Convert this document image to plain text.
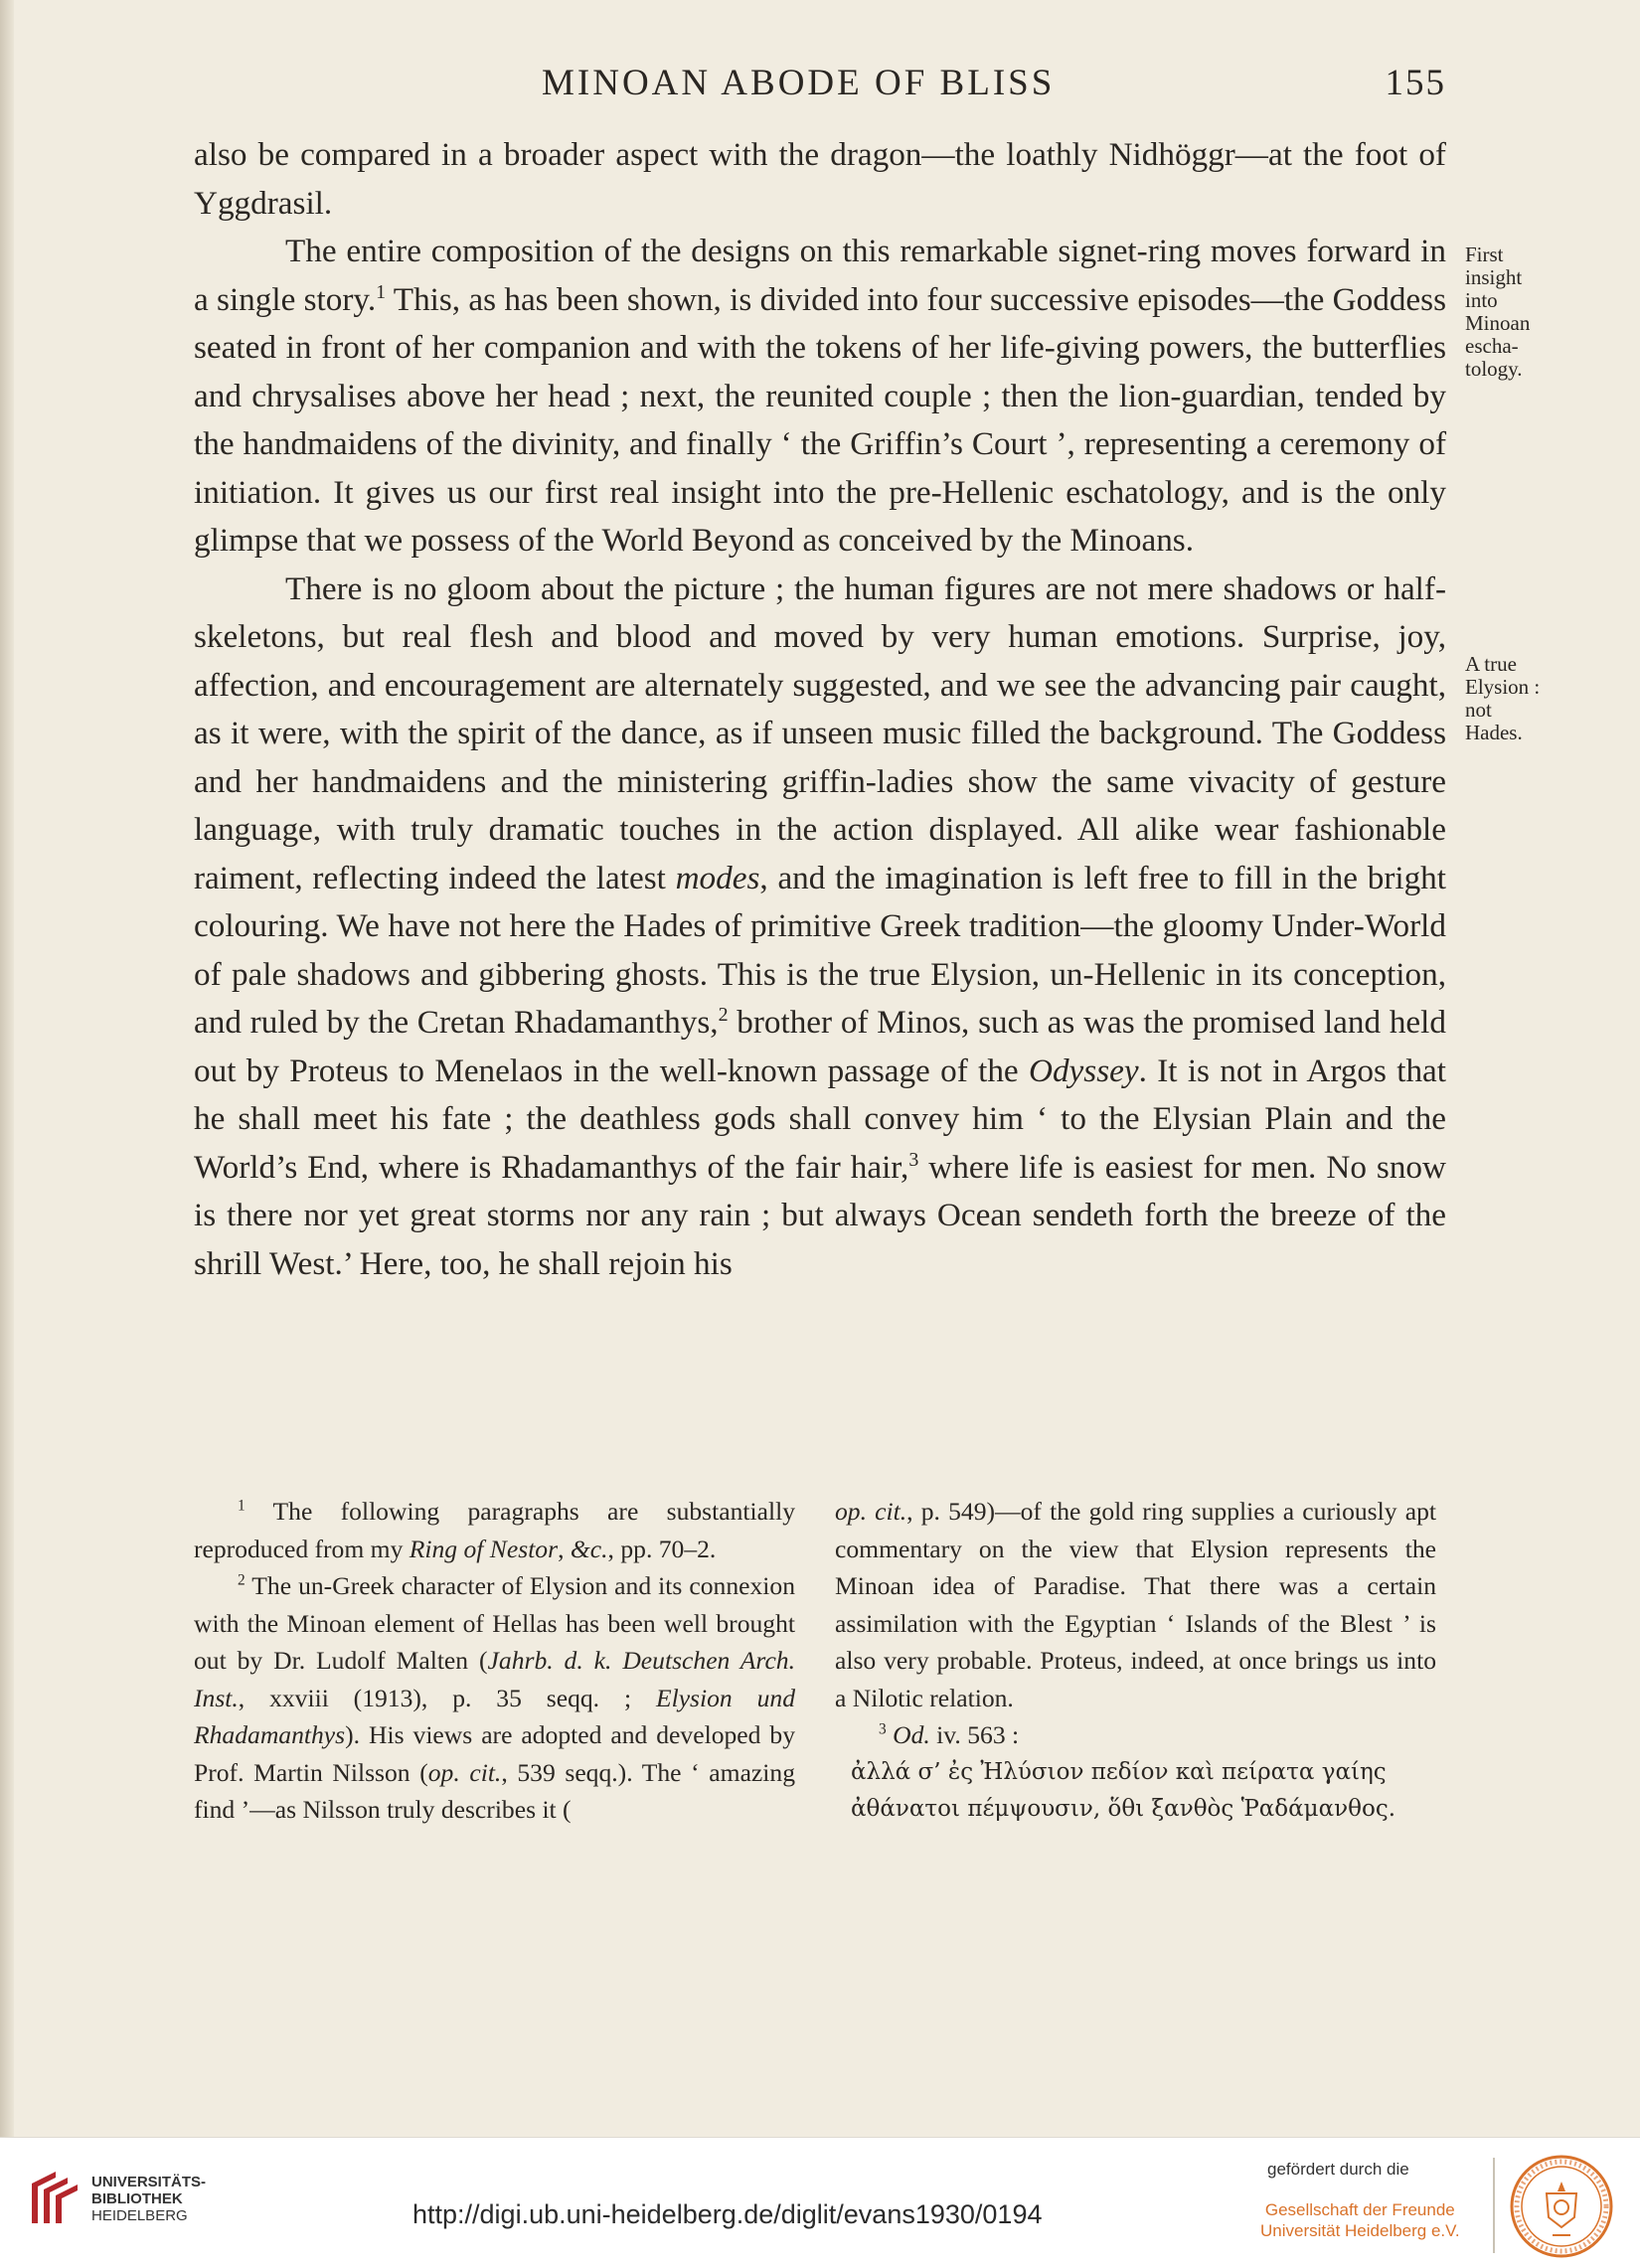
MINOAN ABODE OF BLISS	155

also be compared in a broader aspect with the dragon—the loathly Nidhöggr—at the foot of Yggdrasil.

The entire composition of the designs on this remarkable signet-ring moves forward in a single story.$^1$ This, as has been shown, is divided into four successive episodes—the Goddess seated in front of her companion and with the tokens of her life-giving powers, the butterflies and chrysalises above her head ; next, the reunited couple ; then the lion-guardian, tended by the handmaidens of the divinity, and finally ‘ the Griffin’s Court ’, representing a ceremony of initiation. It gives us our first real insight into the pre-Hellenic eschatology, and is the only glimpse that we possess of the World Beyond as conceived by the Minoans.

There is no gloom about the picture ; the human figures are not mere shadows or half-skeletons, but real flesh and blood and moved by very human emotions. Surprise, joy, affection, and encouragement are alternately suggested, and we see the advancing pair caught, as it were, with the spirit of the dance, as if unseen music filled the background. The Goddess and her handmaidens and the ministering griffin-ladies show the same vivacity of gesture language, with truly dramatic touches in the action displayed. All alike wear fashionable raiment, reflecting indeed the latest modes, and the imagination is left free to fill in the bright colouring. We have not here the Hades of primitive Greek tradition—the gloomy Under-World of pale shadows and gibbering ghosts. This is the true Elysion, un-Hellenic in its conception, and ruled by the Cretan Rhadamanthys,$^2$ brother of Minos, such as was the promised land held out by Proteus to Menelaos in the well-known passage of the Odyssey. It is not in Argos that he shall meet his fate ; the deathless gods shall convey him ‘ to the Elysian Plain and the World’s End, where is Rhadamanthys of the fair hair,$^3$ where life is easiest for men. No snow is there nor yet great storms nor any rain ; but always Ocean sendeth forth the breeze of the shrill West.’ Here, too, he shall rejoin his

First
insight
into
Minoan
escha-
tology.
A true
Elysion :
not
Hades.

$^1$ The following paragraphs are substantially reproduced from my Ring of Nestor, &c., pp. 70–2.

$^2$ The un-Greek character of Elysion and its connexion with the Minoan element of Hellas has been well brought out by Dr. Ludolf Malten (Jahrb. d. k. Deutschen Arch. Inst., xxviii (1913), p. 35 seqq. ; Elysion und Rhadamanthys). His views are adopted and developed by Prof. Martin Nilsson (op. cit., 539 seqq.). The ‘ amazing find ’—as Nilsson truly describes it (

op. cit., p. 549)—of the gold ring supplies a curiously apt commentary on the view that Elysion represents the Minoan idea of Paradise. That there was a certain assimilation with the Egyptian ‘ Islands of the Blest ’ is also very probable. Proteus, indeed, at once brings us into a Nilotic relation.

$^3$ Od. iv. 563 :

ἀλλά σ’ ἐς Ἠλύσιον πεδίον καὶ πείρατα γαίης

ἀθάνατοι πέμψουσιν, ὅθι ξανθὸς Ῥαδάμανθος.

UNIVERSITÄTS-
BIBLIOTHEK
HEIDELBERG	http://digi.ub.uni-heidelberg.de/diglit/evans1930/0194
gefördert durch die
Gesellschaft der Freunde
Universität Heidelberg e.V.
